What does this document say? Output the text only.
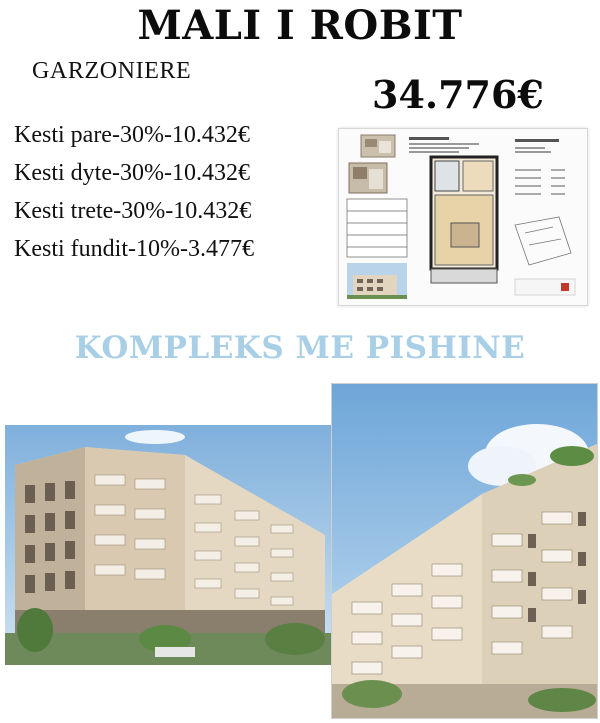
MALI I ROBIT
GARZONIERE
34.776€
Kesti pare-30%-10.432€
Kesti dyte-30%-10.432€
Kesti trete-30%-10.432€
Kesti fundit-10%-3.477€
KOMPLEKS ME PISHINE
